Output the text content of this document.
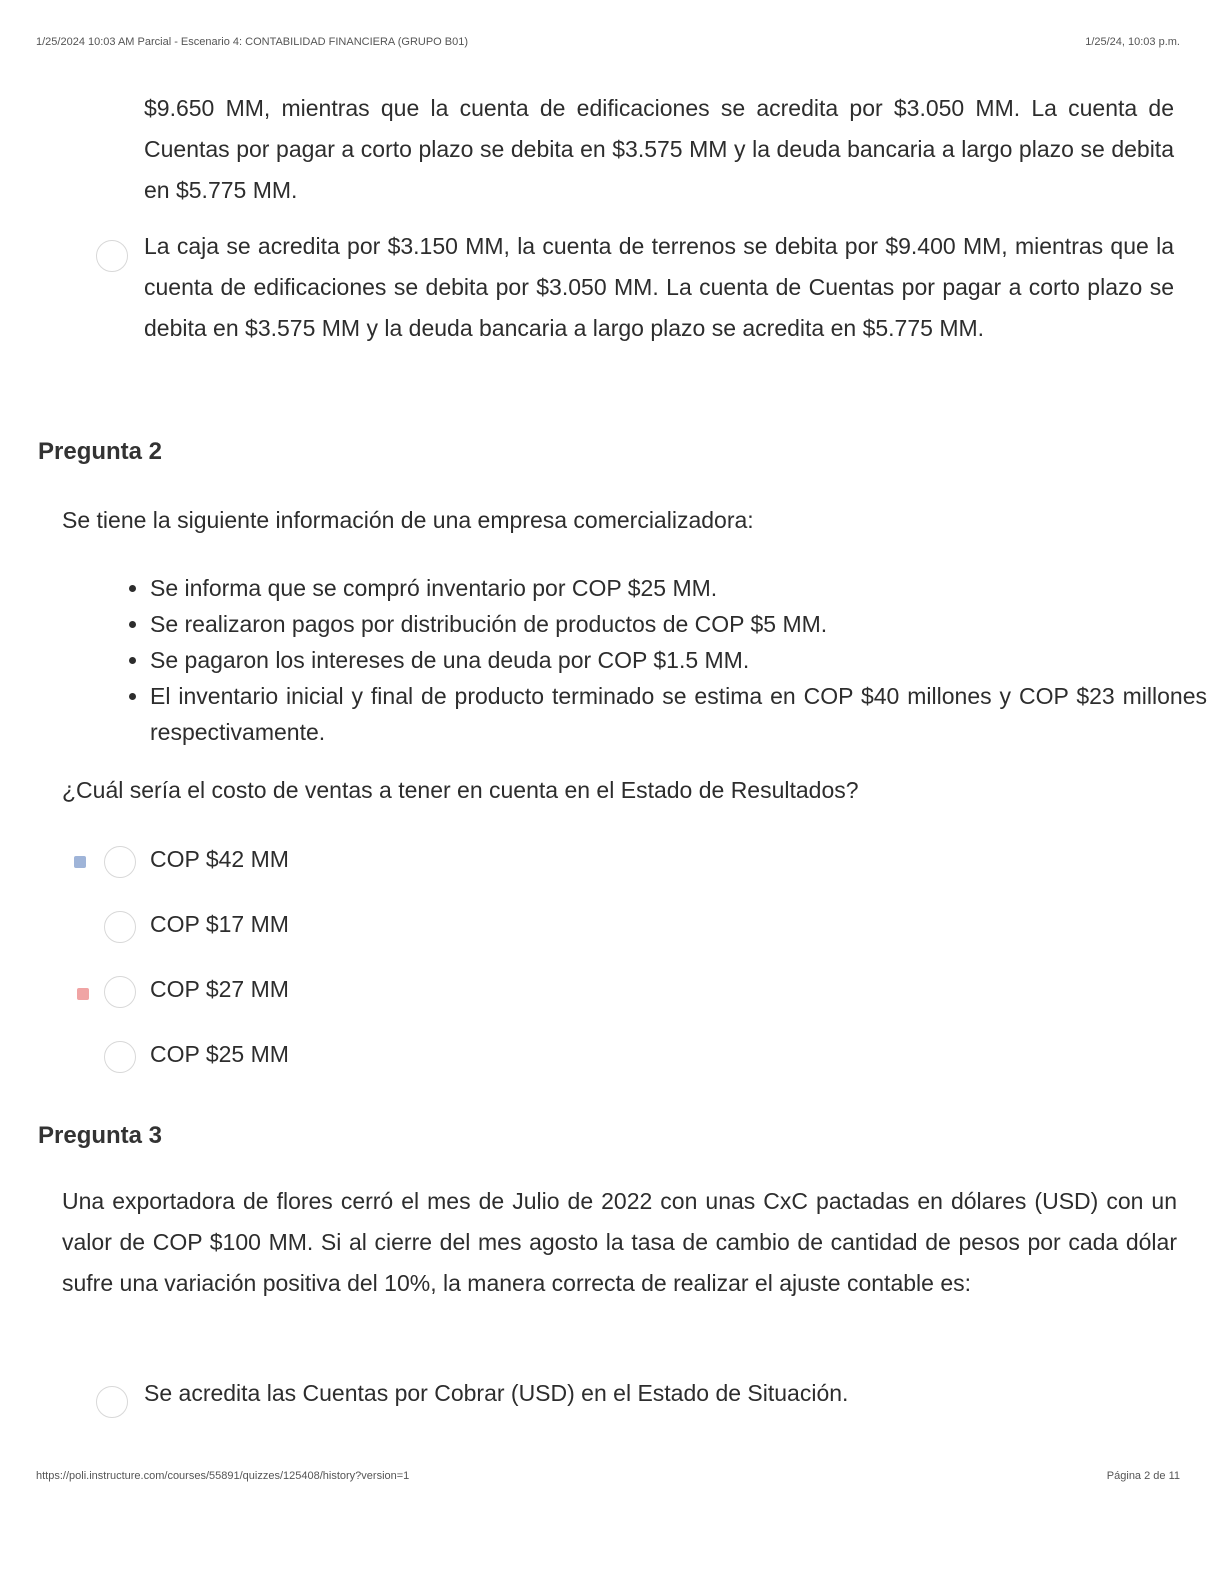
1/25/2024 10:03 AM Parcial - Escenario 4: CONTABILIDAD FINANCIERA (GRUPO B01)	1/25/24, 10:03 p.m.
$9.650 MM, mientras que la cuenta de edificaciones se acredita por $3.050 MM. La cuenta de Cuentas por pagar a corto plazo se debita en $3.575 MM y la deuda bancaria a largo plazo se debita en $5.775 MM.
La caja se acredita por $3.150 MM, la cuenta de terrenos se debita por $9.400 MM, mientras que la cuenta de edificaciones se debita por $3.050 MM. La cuenta de Cuentas por pagar a corto plazo se debita en $3.575 MM y la deuda bancaria a largo plazo se acredita en $5.775 MM.
Pregunta 2
Se tiene la siguiente información de una empresa comercializadora:
• Se informa que se compró inventario por COP $25 MM.
• Se realizaron pagos por distribución de productos de COP $5 MM.
• Se pagaron los intereses de una deuda por COP $1.5 MM.
• El inventario inicial y final de producto terminado se estima en COP $40 millones y COP $23 millones respectivamente.
¿Cuál sería el costo de ventas a tener en cuenta en el Estado de Resultados?
COP $42 MM
COP $17 MM
COP $27 MM
COP $25 MM
Pregunta 3
Una exportadora de flores cerró el mes de Julio de 2022 con unas CxC pactadas en dólares (USD) con un valor de COP $100 MM. Si al cierre del mes agosto la tasa de cambio de cantidad de pesos por cada dólar sufre una variación positiva del 10%, la manera correcta de realizar el ajuste contable es:
Se acredita las Cuentas por Cobrar (USD) en el Estado de Situación.
https://poli.instructure.com/courses/55891/quizzes/125408/history?version=1	Página 2 de 11
